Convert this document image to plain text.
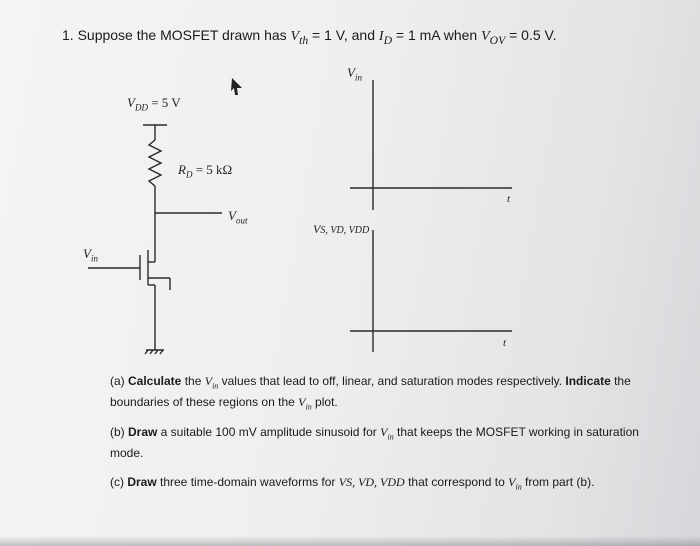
1. Suppose the MOSFET drawn has $V_{th} = 1$ V, and $I_D = 1$ mA when $V_{OV} = 0.5$ V.
$V_{DD} = 5$ V
$R_D = 5$ kΩ
$V_{out}$
$V_{in}$
$V_{in}$
t
VS, VD, VDD
t
(a) Calculate the $V_{in}$ values that lead to off, linear, and saturation modes respectively. Indicate the boundaries of these regions on the $V_{in}$ plot.
(b) Draw a suitable 100 mV amplitude sinusoid for $V_{in}$ that keeps the MOSFET working in saturation mode.
(c) Draw three time-domain waveforms for VS, VD, VDD that correspond to $V_{in}$ from part (b).
